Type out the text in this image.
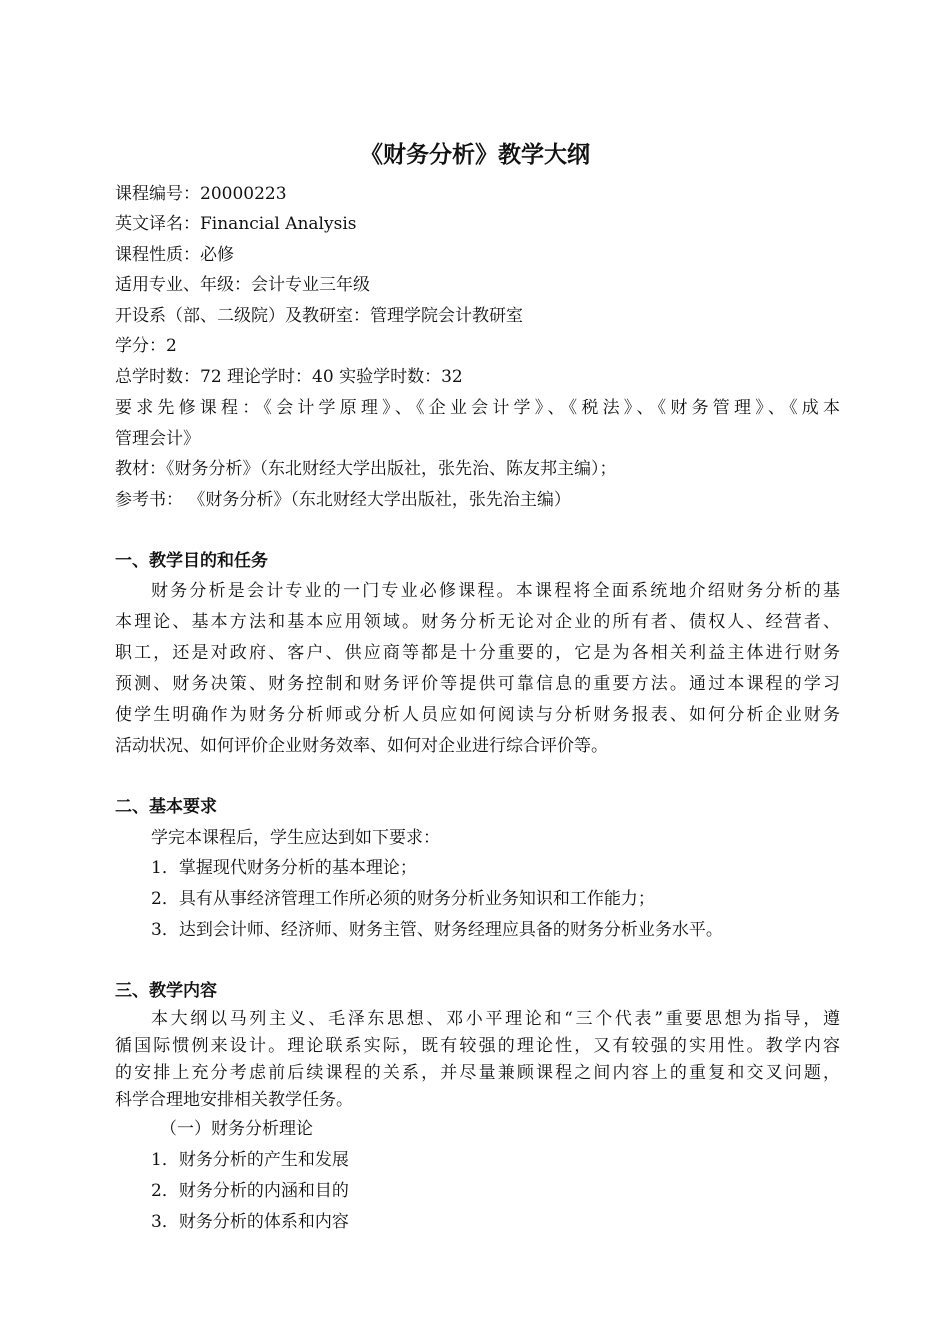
《财务分析》教学大纲
课程编号：20000223
英文译名：Financial Analysis
课程性质：必修
适用专业、年级：会计专业三年级
开设系（部、二级院）及教研室：管理学院会计教研室
学分：2
总学时数：72 理论学时：40 实验学时数：32
要求先修课程：《会计学原理》、《企业会计学》、《税法》、《财务管理》、《成本
管理会计》
教材：《财务分析》（东北财经大学出版社，张先治、陈友邦主编）；
参考书： 《财务分析》（东北财经大学出版社，张先治主编）
一、教学目的和任务
财务分析是会计专业的一门专业必修课程。本课程将全面系统地介绍财务分析的基
本理论、基本方法和基本应用领域。财务分析无论对企业的所有者、债权人、经营者、
职工，还是对政府、客户、供应商等都是十分重要的，它是为各相关利益主体进行财务
预测、财务决策、财务控制和财务评价等提供可靠信息的重要方法。通过本课程的学习
使学生明确作为财务分析师或分析人员应如何阅读与分析财务报表、如何分析企业财务
活动状况、如何评价企业财务效率、如何对企业进行综合评价等。
二、基本要求
学完本课程后，学生应达到如下要求：
1．掌握现代财务分析的基本理论；
2．具有从事经济管理工作所必须的财务分析业务知识和工作能力；
3．达到会计师、经济师、财务主管、财务经理应具备的财务分析业务水平。
三、教学内容
本大纲以马列主义、毛泽东思想、邓小平理论和“三个代表”重要思想为指导，遵
循国际惯例来设计。理论联系实际，既有较强的理论性，又有较强的实用性。教学内容
的安排上充分考虑前后续课程的关系，并尽量兼顾课程之间内容上的重复和交叉问题，
科学合理地安排相关教学任务。
（一）财务分析理论
1．财务分析的产生和发展
2．财务分析的内涵和目的
3．财务分析的体系和内容
